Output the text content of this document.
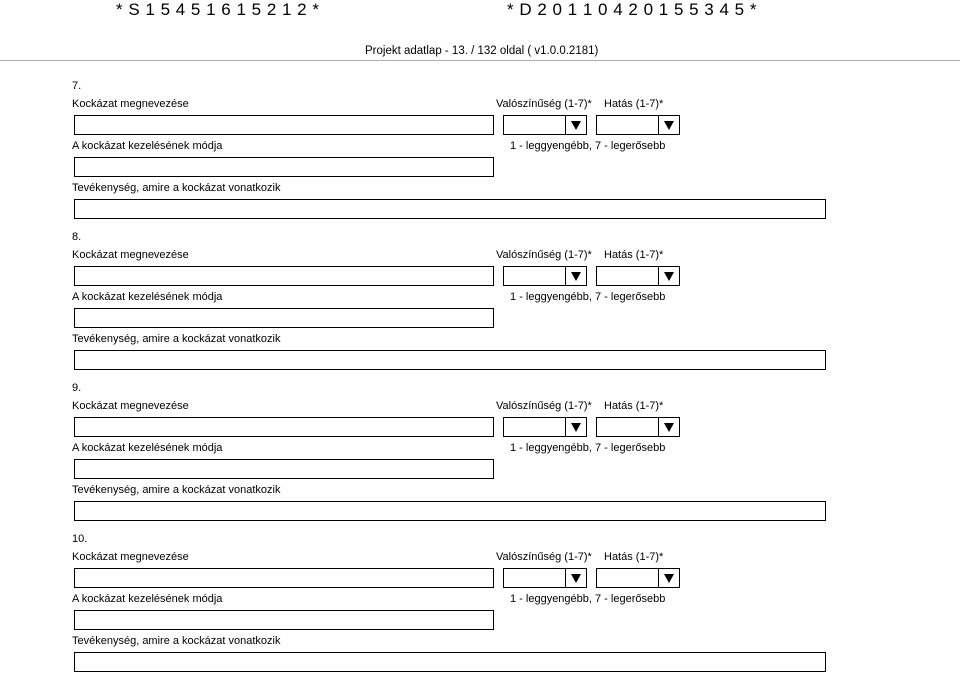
* S 1 5 4 5 1 6 1 5 2 1 2 *	* D 2 0 1 1 0 4 2 0 1 5 5 3 4 5 *
Projekt adatlap - 13. / 132 oldal ( v1.0.0.2181)
7.
Kockázat megnevezése	Valószínűség (1-7)* Hatás (1-7)*
A kockázat kezelésének módja	1 - leggyengébb, 7 - legerősebb
Tevékenység, amire a kockázat vonatkozik
8.
Kockázat megnevezése	Valószínűség (1-7)* Hatás (1-7)*
A kockázat kezelésének módja	1 - leggyengébb, 7 - legerősebb
Tevékenység, amire a kockázat vonatkozik
9.
Kockázat megnevezése	Valószínűség (1-7)* Hatás (1-7)*
A kockázat kezelésének módja	1 - leggyengébb, 7 - legerősebb
Tevékenység, amire a kockázat vonatkozik
10.
Kockázat megnevezése	Valószínűség (1-7)* Hatás (1-7)*
A kockázat kezelésének módja	1 - leggyengébb, 7 - legerősebb
Tevékenység, amire a kockázat vonatkozik
